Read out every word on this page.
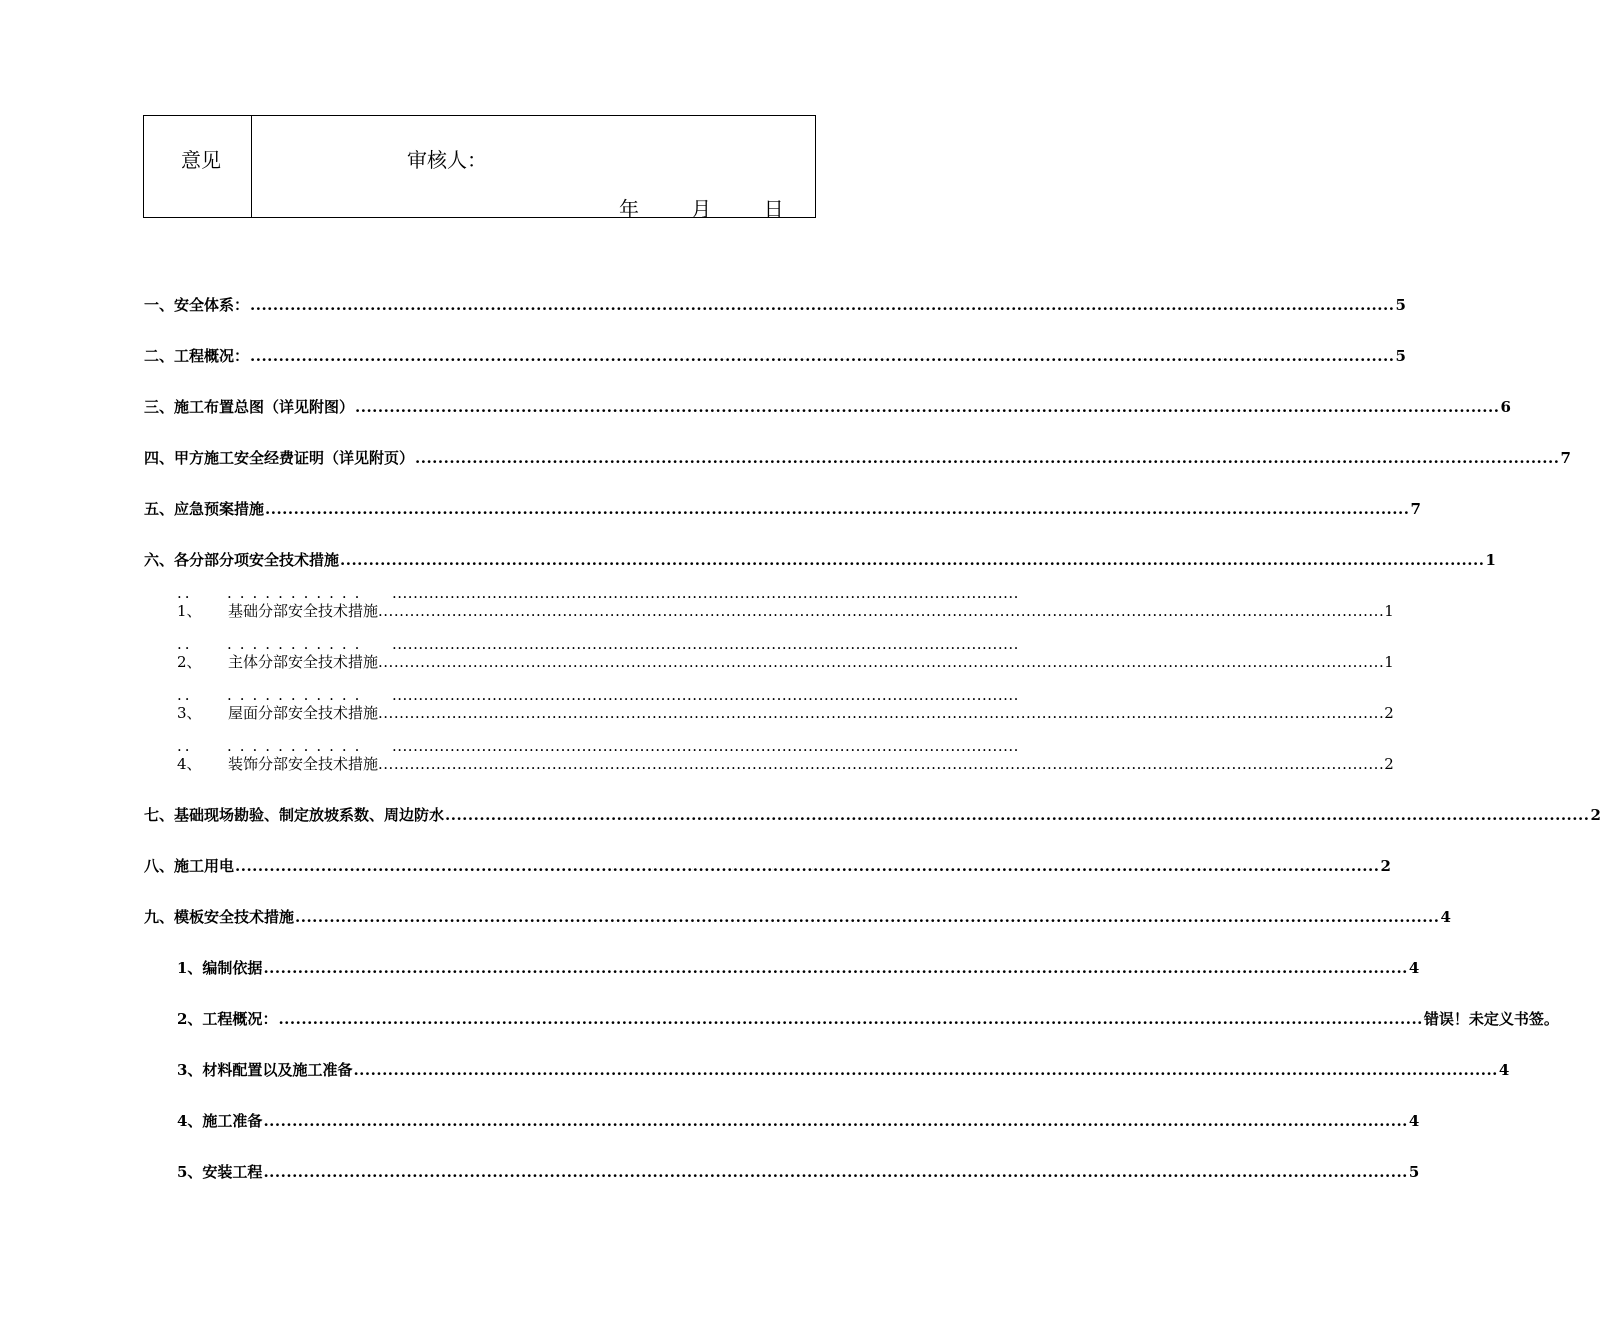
意见	审核人：
年	月	日
一、安全体系： .....	5
二、工程概况： .....	5
三、施工布置总图（详见附图） .....	6
四、甲方施工安全经费证明（详见附页） .....	7
五、应急预案措施 .....	7
六、各分部分项安全技术措施 .....	1
..	...........	.......................................................................................................................
1、	基础分部安全技术措施 .....	1
..	...........	.......................................................................................................................
2、	主体分部安全技术措施 .....	1
..	...........	.......................................................................................................................
3、	屋面分部安全技术措施 .....	2
..	...........	.......................................................................................................................
4、	装饰分部安全技术措施 .....	2
七、基础现场勘验、制定放坡系数、周边防水 .....	2
八、施工用电 .....	2
九、模板安全技术措施 .....	4
1、编制依据 .....	4
2、工程概况： .....	错误！未定义书签。
3、材料配置以及施工准备 .....	4
4、施工准备 .....	4
5、安装工程 .....	5
